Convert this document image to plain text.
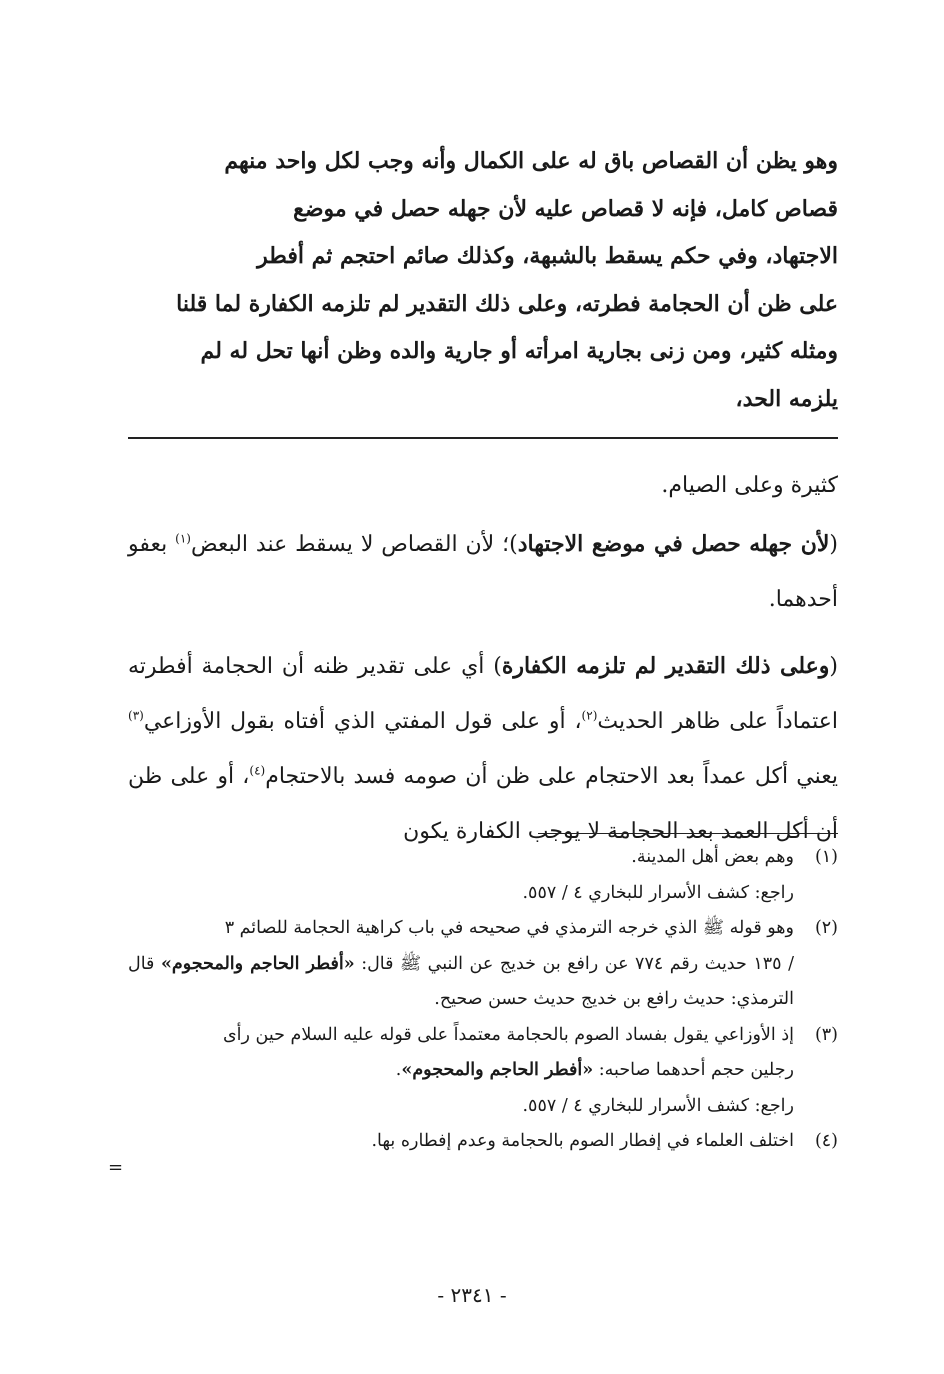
وهو يظن أن القصاص باق له على الكمال وأنه وجب لكل واحد منهم

قصاص كامل، فإنه لا قصاص عليه لأن جهله حصل في موضع

الاجتهاد، وفي حكم يسقط بالشبهة، وكذلك صائم احتجم ثم أفطر

على ظن أن الحجامة فطرته، وعلى ذلك التقدير لم تلزمه الكفارة لما قلنا

ومثله كثير، ومن زنى بجارية امرأته أو جارية والده وظن أنها تحل له لم

يلزمه الحد،

كثيرة وعلى الصيام.

(لأن جهله حصل في موضع الاجتهاد)؛ لأن القصاص لا يسقط عند البعض$^{(١)}$ بعفو أحدهما.

(وعلى ذلك التقدير لم تلزمه الكفارة) أي على تقدير ظنه أن الحجامة أفطرته اعتماداً على ظاهر الحديث$^{(٢)}$، أو على قول المفتي الذي أفتاه بقول الأوزاعي$^{(٣)}$ يعني أكل عمداً بعد الاحتجام على ظن أن صومه فسد بالاحتجام$^{(٤)}$، أو على ظن أن أكل العمد بعد الحجامة لا يوجب الكفارة يكون

(١)
وهم بعض أهل المدينة.
راجع: كشف الأسرار للبخاري ٤ / ٥٥٧.
(٢)
وهو قوله ﷺ الذي خرجه الترمذي في صحيحه في باب كراهية الحجامة للصائم ٣
/ ١٣٥ حديث رقم ٧٧٤ عن رافع بن خديج عن النبي ﷺ قال: «أفطر الحاجم والمحجوم» قال الترمذي: حديث رافع بن خديج حديث حسن صحيح.
(٣)
إذ الأوزاعي يقول بفساد الصوم بالحجامة معتمداً على قوله عليه السلام حين رأى
رجلين حجم أحدهما صاحبه: «أفطر الحاجم والمحجوم».
راجع: كشف الأسرار للبخاري ٤ / ٥٥٧.
(٤)
اختلف العلماء في إفطار الصوم بالحجامة وعدم إفطاره بها.
=
- ٢٣٤١ -
